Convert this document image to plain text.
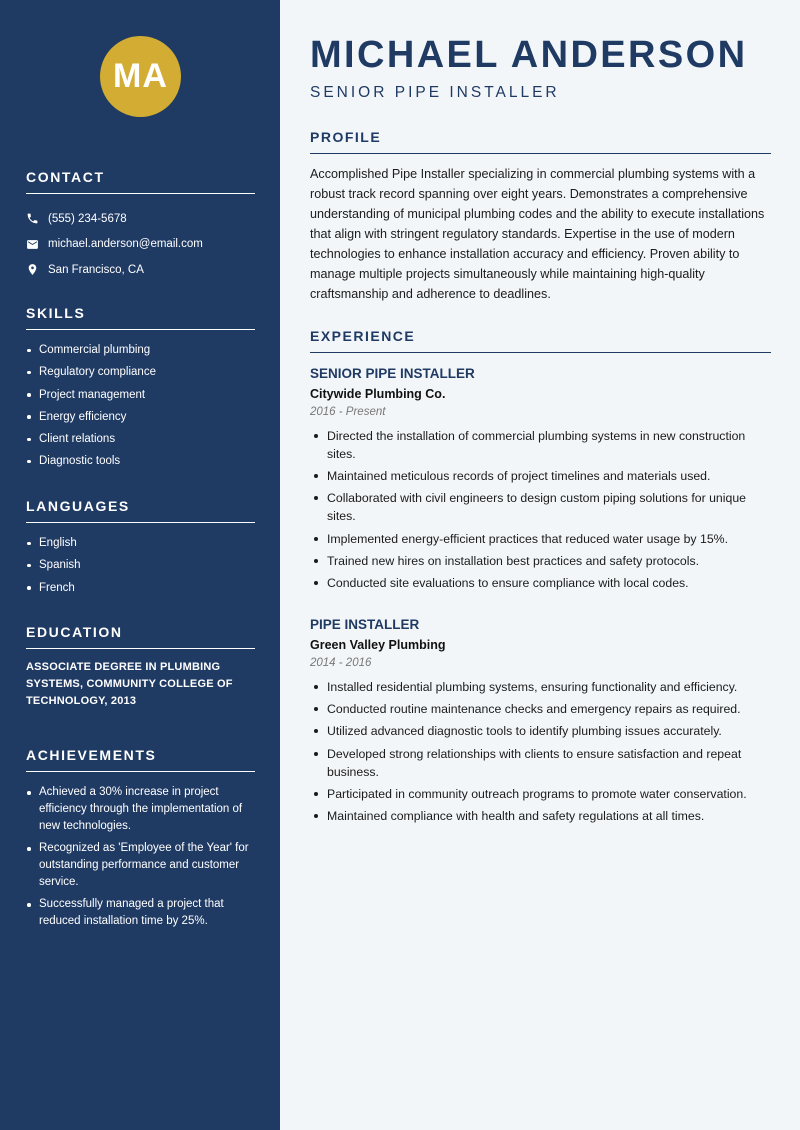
MA
CONTACT
(555) 234-5678
michael.anderson@email.com
San Francisco, CA
SKILLS
Commercial plumbing
Regulatory compliance
Project management
Energy efficiency
Client relations
Diagnostic tools
LANGUAGES
English
Spanish
French
EDUCATION

ASSOCIATE DEGREE IN PLUMBING SYSTEMS, COMMUNITY COLLEGE OF TECHNOLOGY, 2013

ACHIEVEMENTS
Achieved a 30% increase in project efficiency through the implementation of new technologies.
Recognized as 'Employee of the Year' for outstanding performance and customer service.
Successfully managed a project that reduced installation time by 25%.
MICHAEL ANDERSON
SENIOR PIPE INSTALLER
PROFILE

Accomplished Pipe Installer specializing in commercial plumbing systems with a robust track record spanning over eight years. Demonstrates a comprehensive understanding of municipal plumbing codes and the ability to execute installations that align with stringent regulatory standards. Expertise in the use of modern technologies to enhance installation accuracy and efficiency. Proven ability to manage multiple projects simultaneously while maintaining high-quality craftsmanship and adherence to deadlines.

EXPERIENCE
SENIOR PIPE INSTALLER
Citywide Plumbing Co.
2016 - Present
Directed the installation of commercial plumbing systems in new construction sites.
Maintained meticulous records of project timelines and materials used.
Collaborated with civil engineers to design custom piping solutions for unique sites.
Implemented energy-efficient practices that reduced water usage by 15%.
Trained new hires on installation best practices and safety protocols.
Conducted site evaluations to ensure compliance with local codes.
PIPE INSTALLER
Green Valley Plumbing
2014 - 2016
Installed residential plumbing systems, ensuring functionality and efficiency.
Conducted routine maintenance checks and emergency repairs as required.
Utilized advanced diagnostic tools to identify plumbing issues accurately.
Developed strong relationships with clients to ensure satisfaction and repeat business.
Participated in community outreach programs to promote water conservation.
Maintained compliance with health and safety regulations at all times.
